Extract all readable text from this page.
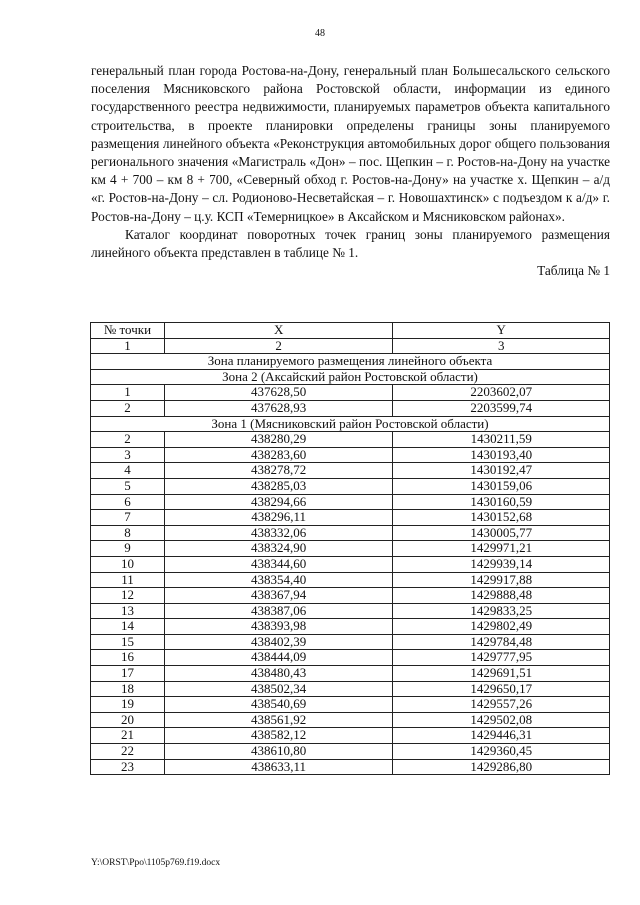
48

генеральный план города Ростова-на-Дону, генеральный план Большесальского сельского поселения Мясниковского района Ростовской области, информации из единого государственного реестра недвижимости, планируемых параметров объекта капитального строительства, в проекте планировки определены границы зоны планируемого размещения линейного объекта «Реконструкция автомобильных дорог общего пользования регионального значения «Магистраль «Дон» – пос. Щепкин – г. Ростов-на-Дону на участке км 4 + 700 – км 8 + 700, «Северный обход г. Ростов-на-Дону» на участке х. Щепкин – а/д «г. Ростов-на-Дону – сл. Родионово-Несветайская – г. Новошахтинск» с подъездом к а/д» г. Ростов-на-Дону – ц.у. КСП «Темерницкое» в Аксайском и Мясниковском районах».

Каталог координат поворотных точек границ зоны планируемого размещения линейного объекта представлен в таблице № 1.

Таблица № 1

№ точки	X	Y
1	2	3
Зона планируемого размещения линейного объекта		
Зона 2 (Аксайский район Ростовской области)		
1	437628,50	2203602,07
2	437628,93	2203599,74
Зона 1 (Мясниковский район Ростовской области)		
2	438280,29	1430211,59
3	438283,60	1430193,40
4	438278,72	1430192,47
5	438285,03	1430159,06
6	438294,66	1430160,59
7	438296,11	1430152,68
8	438332,06	1430005,77
9	438324,90	1429971,21
10	438344,60	1429939,14
11	438354,40	1429917,88
12	438367,94	1429888,48
13	438387,06	1429833,25
14	438393,98	1429802,49
15	438402,39	1429784,48
16	438444,09	1429777,95
17	438480,43	1429691,51
18	438502,34	1429650,17
19	438540,69	1429557,26
20	438561,92	1429502,08
21	438582,12	1429446,31
22	438610,80	1429360,45
23	438633,11	1429286,80
Y:\ORST\Ppo\1105p769.f19.docx
